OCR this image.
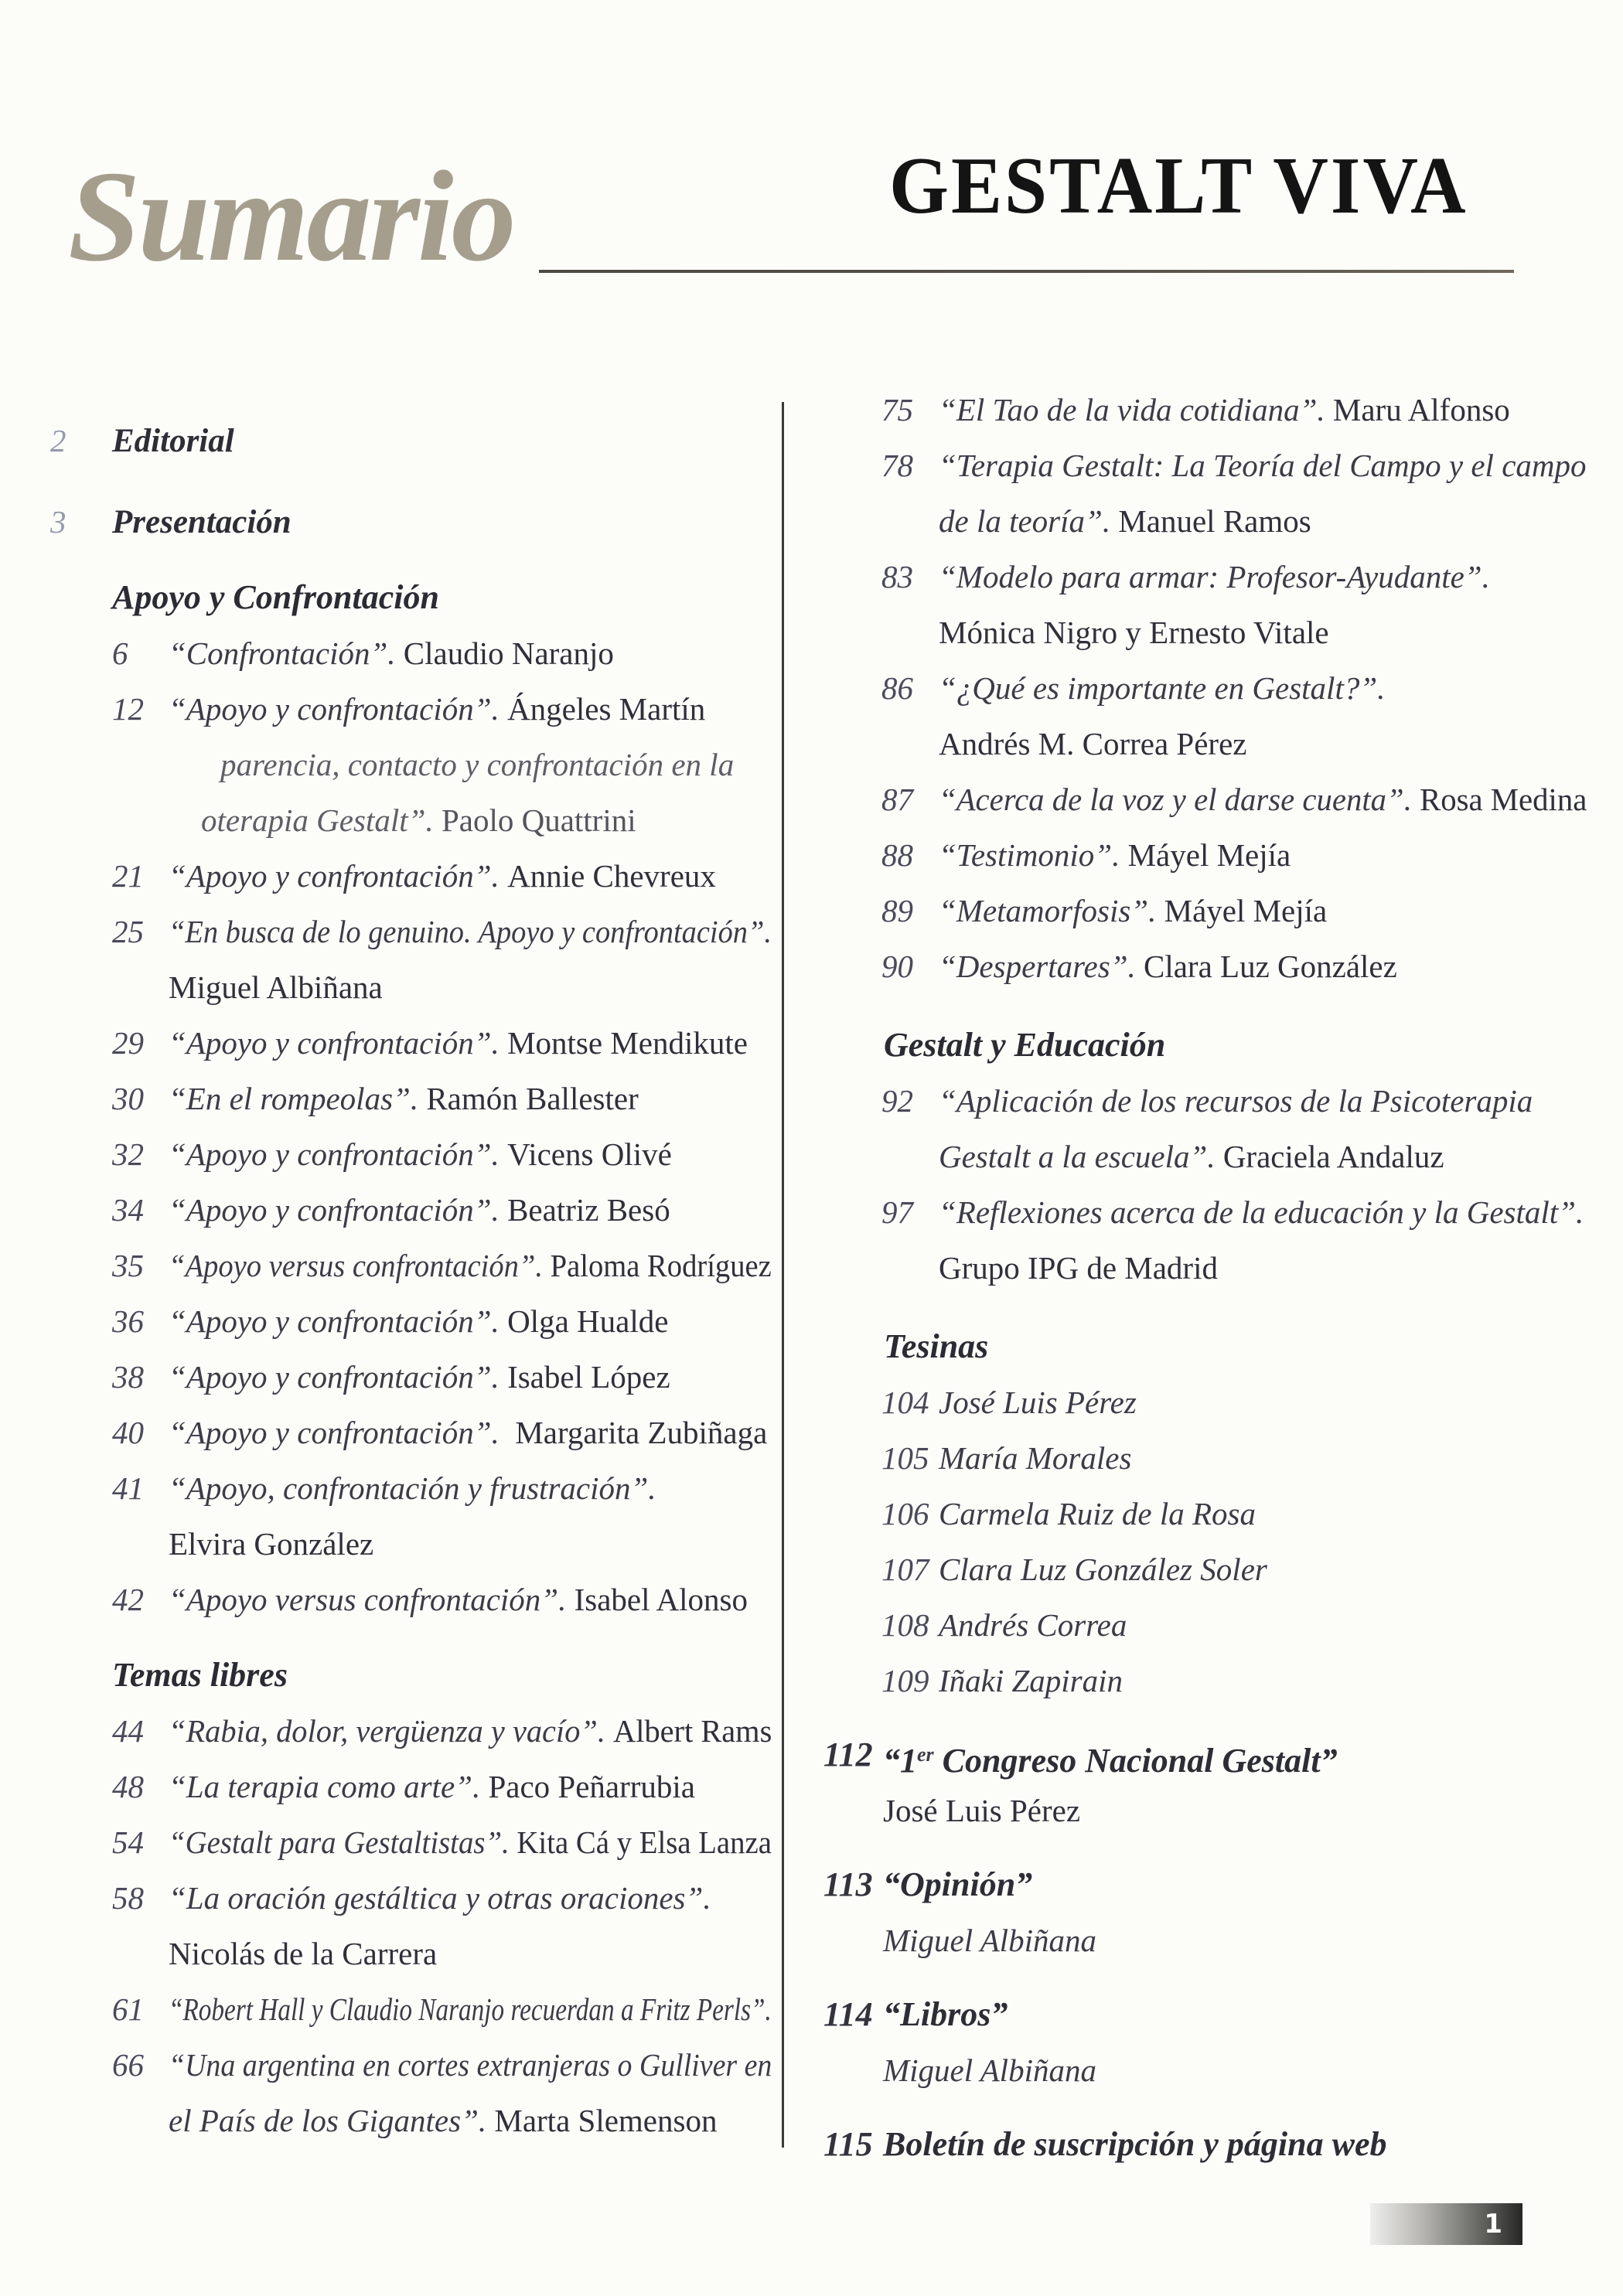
Sumario	GESTALT VIVA
2 Editorial
3 Presentación
Apoyo y Confrontación
6 “Confrontación”. Claudio Naranjo
12 “Apoyo y confrontación”. Ángeles Martín
parencia, contacto y confrontación en la
oterapia Gestalt”. Paolo Quattrini
21 “Apoyo y confrontación”. Annie Chevreux
25 “En busca de lo genuino. Apoyo y confrontación”.
Miguel Albiñana
29 “Apoyo y confrontación”. Montse Mendikute
30 “En el rompeolas”. Ramón Ballester
32 “Apoyo y confrontación”. Vicens Olivé
34 “Apoyo y confrontación”. Beatriz Besó
35 “Apoyo versus confrontación”. Paloma Rodríguez
36 “Apoyo y confrontación”. Olga Hualde
38 “Apoyo y confrontación”. Isabel López
40 “Apoyo y confrontación”.  Margarita Zubiñaga
41 “Apoyo, confrontación y frustración”.
Elvira González
42 “Apoyo versus confrontación”. Isabel Alonso
Temas libres
44 “Rabia, dolor, vergüenza y vacío”. Albert Rams
48 “La terapia como arte”. Paco Peñarrubia
54 “Gestalt para Gestaltistas”. Kita Cá y Elsa Lanza
58 “La oración gestáltica y otras oraciones”.
Nicolás de la Carrera
61 “Robert Hall y Claudio Naranjo recuerdan a Fritz Perls”.
66 “Una argentina en cortes extranjeras o Gulliver en
el País de los Gigantes”. Marta Slemenson
75 “El Tao de la vida cotidiana”. Maru Alfonso
78 “Terapia Gestalt: La Teoría del Campo y el campo
de la teoría”. Manuel Ramos
83 “Modelo para armar: Profesor-Ayudante”.
Mónica Nigro y Ernesto Vitale
86 “¿Qué es importante en Gestalt?”.
Andrés M. Correa Pérez
87 “Acerca de la voz y el darse cuenta”. Rosa Medina
88 “Testimonio”. Máyel Mejía
89 “Metamorfosis”. Máyel Mejía
90 “Despertares”. Clara Luz González
Gestalt y Educación
92 “Aplicación de los recursos de la Psicoterapia
Gestalt a la escuela”. Graciela Andaluz
97 “Reflexiones acerca de la educación y la Gestalt”.
Grupo IPG de Madrid
Tesinas
104 José Luis Pérez
105 María Morales
106 Carmela Ruiz de la Rosa
107 Clara Luz González Soler
108 Andrés Correa
109 Iñaki Zapirain
112 “1er Congreso Nacional Gestalt”
José Luis Pérez
113 “Opinión”
Miguel Albiñana
114 “Libros”
Miguel Albiñana
115 Boletín de suscripción y página web
1
